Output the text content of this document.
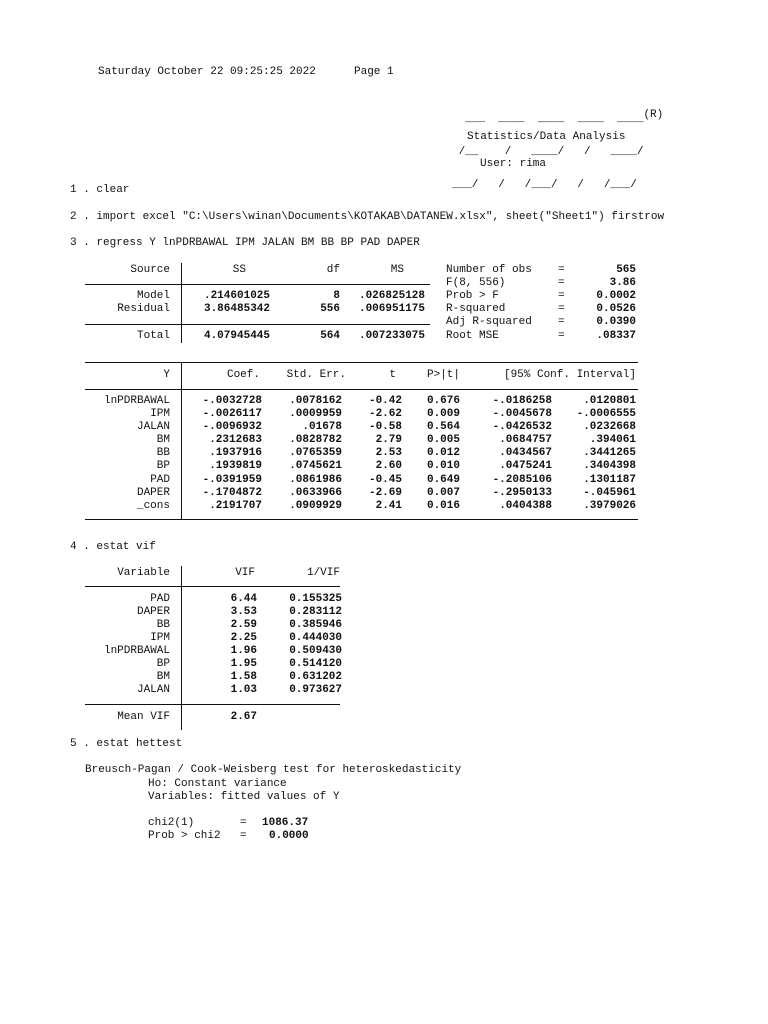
Saturday October 22 09:25:25 2022	Page 1

___  ____  ____  ____  ____(R)

/__    /   ____/   /   ____/

___/   /   /___/   /   /___/

Statistics/Data Analysis
User: rima
1 . clear
2 . import excel "C:\Users\winan\Documents\KOTAKAB\DATANEW.xlsx", sheet("Sheet1") firstrow
3 . regress Y lnPDRBAWAL IPM JALAN BM BB BP PAD DAPER
Source	SS	df	MS
Model	.214601025	8	.026825128
Residual	3.86485342	556	.006951175
Total	4.07945445	564	.007233075
Number of obs =	565
F(8, 556)	=	3.86
Prob > F	=	0.0002
R-squared	=	0.0526
Adj R-squared =	0.0390
Root MSE	=	.08337
Y	Coef.	Std. Err.	t	P>|t|	[95% Conf. Interval]
lnPDRBAWAL	-.0032728	.0078162	-0.42	0.676	-.0186258	.0120801
IPM	-.0026117	.0009959	-2.62	0.009	-.0045678	-.0006555
JALAN	-.0096932	.01678	-0.58	0.564	-.0426532	.0232668
BM	.2312683	.0828782	2.79	0.005	.0684757	.394061
BB	.1937916	.0765359	2.53	0.012	.0434567	.3441265
BP	.1939819	.0745621	2.60	0.010	.0475241	.3404398
PAD	-.0391959	.0861986	-0.45	0.649	-.2085106	.1301187
DAPER	-.1704872	.0633966	-2.69	0.007	-.2950133	-.045961
_cons	.2191707	.0909929	2.41	0.016	.0404388	.3979026
4 . estat vif
Variable	VIF	1/VIF
PAD	6.44	0.155325
DAPER	3.53	0.283112
BB	2.59	0.385946
IPM	2.25	0.444030
lnPDRBAWAL	1.96	0.509430
BP	1.95	0.514120
BM	1.58	0.631202
JALAN	1.03	0.973627
Mean VIF	2.67
5 . estat hettest
Breusch-Pagan / Cook-Weisberg test for heteroskedasticity
Ho: Constant variance
Variables: fitted values of Y
chi2(1)	= 1086.37
Prob > chi2 = 0.0000
